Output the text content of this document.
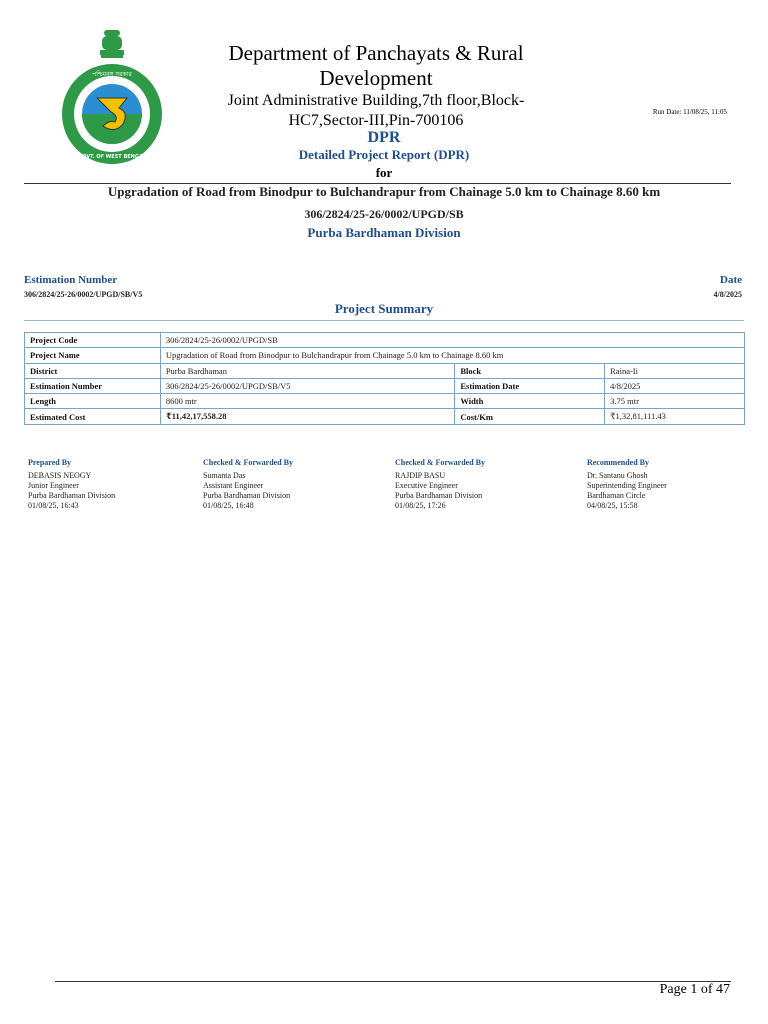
পশ্চিমবঙ্গ সরকার
GOVT. OF WEST BENGAL
Department of Panchayats & Rural Development
Joint Administrative Building,7th floor,Block-HC7,Sector-III,Pin-700106	Run Date: 11/08/25, 11:05
DPR
Detailed Project Report (DPR)
for
Upgradation of Road from Binodpur to Bulchandrapur from Chainage 5.0 km to Chainage 8.60 km
306/2824/25-26/0002/UPGD/SB
Purba Bardhaman Division
Estimation Number
306/2824/25-26/0002/UPGD/SB/V5
Date
4/8/2025
Project Summary
Project Code	306/2824/25-26/0002/UPGD/SB		
Project Name	Upgradation of Road from Binodpur to Bulchandrapur from Chainage 5.0 km to Chainage 8.60 km		
District	Purba Bardhaman	Block	Raina-Ii
Estimation Number	306/2824/25-26/0002/UPGD/SB/V5	Estimation Date	4/8/2025
Length	8600 mtr	Width	3.75 mtr
Estimated Cost	₹11,42,17,558.28	Cost/Km	₹1,32,81,111.43
Prepared By
DEBASIS NEOGY
Junior Engineer
Purba Bardhaman Division
01/08/25, 16:43
Checked & Forwarded By
Sumanta Das
Assistant Engineer
Purba Bardhaman Division
01/08/25, 16:48
Checked & Forwarded By
RAJDIP BASU
Executive Engineer
Purba Bardhaman Division
01/08/25, 17:26
Recommended By
Dr. Santanu Ghosh
Superintending Engineer
Bardhaman Circle
04/08/25, 15:58
Page 1 of 47
